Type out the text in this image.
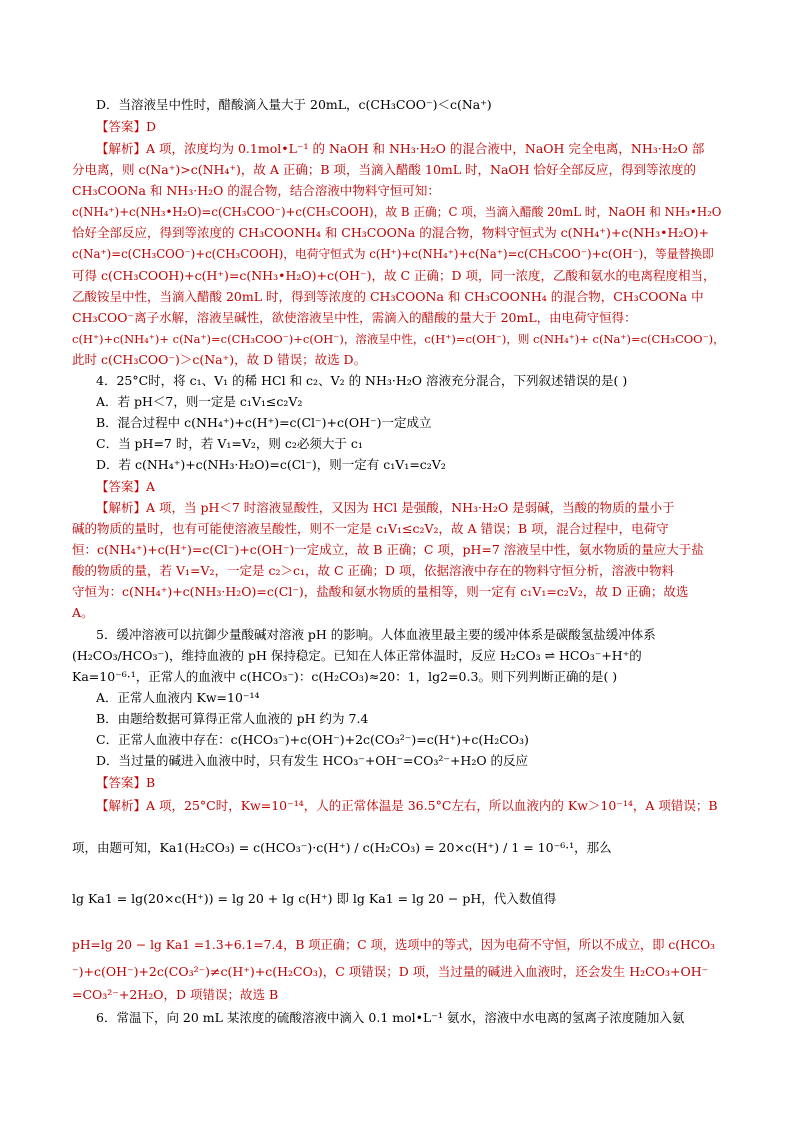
D．当溶液呈中性时，醋酸滴入量大于 20mL，c(CH₃COO⁻)＜c(Na⁺)
【答案】D
【解析】A 项，浓度均为 0.1mol•L⁻¹ 的 NaOH 和 NH₃·H₂O 的混合液中，NaOH 完全电离，NH₃·H₂O 部
分电离，则 c(Na⁺)>c(NH₄⁺)，故 A 正确；B 项，当滴入醋酸 10mL 时，NaOH 恰好全部反应，得到等浓度的
CH₃COONa 和 NH₃·H₂O 的混合物，结合溶液中物料守恒可知：
c(NH₄⁺)+c(NH₃•H₂O)=c(CH₃COO⁻)+c(CH₃COOH)，故 B 正确；C 项，当滴入醋酸 20mL 时，NaOH 和 NH₃•H₂O
恰好全部反应，得到等浓度的 CH₃COONH₄ 和 CH₃COONa 的混合物，物料守恒式为 c(NH₄⁺)+c(NH₃•H₂O)+
c(Na⁺)=c(CH₃COO⁻)+c(CH₃COOH)，电荷守恒式为 c(H⁺)+c(NH₄⁺)+c(Na⁺)=c(CH₃COO⁻)+c(OH⁻)，等量替换即
可得 c(CH₃COOH)+c(H⁺)=c(NH₃•H₂O)+c(OH⁻)，故 C 正确；D 项，同一浓度，乙酸和氨水的电离程度相当，
乙酸铵呈中性，当滴入醋酸 20mL 时，得到等浓度的 CH₃COONa 和 CH₃COONH₄ 的混合物，CH₃COONa 中
CH₃COO⁻离子水解，溶液呈碱性，欲使溶液呈中性，需滴入的醋酸的量大于 20mL，由电荷守恒得：
c(H⁺)+c(NH₄⁺)+ c(Na⁺)=c(CH₃COO⁻)+c(OH⁻)，溶液呈中性，c(H⁺)=c(OH⁻)，则 c(NH₄⁺)+ c(Na⁺)=c(CH₃COO⁻)，
此时 c(CH₃COO⁻)＞c(Na⁺)，故 D 错误；故选 D。
4．25°C时，将 c₁、V₁ 的稀 HCl 和 c₂、V₂ 的 NH₃·H₂O 溶液充分混合，下列叙述错误的是( )
A．若 pH＜7，则一定是 c₁V₁≤c₂V₂
B．混合过程中 c(NH₄⁺)+c(H⁺)=c(Cl⁻)+c(OH⁻)一定成立
C．当 pH=7 时，若 V₁=V₂，则 c₂必须大于 c₁
D．若 c(NH₄⁺)+c(NH₃·H₂O)=c(Cl⁻)，则一定有 c₁V₁=c₂V₂
【答案】A
【解析】A 项，当 pH＜7 时溶液显酸性，又因为 HCl 是强酸，NH₃·H₂O 是弱碱，当酸的物质的量小于
碱的物质的量时，也有可能使溶液呈酸性，则不一定是 c₁V₁≤c₂V₂，故 A 错误；B 项，混合过程中，电荷守
恒：c(NH₄⁺)+c(H⁺)=c(Cl⁻)+c(OH⁻)一定成立，故 B 正确；C 项，pH=7 溶液呈中性，氨水物质的量应大于盐
酸的物质的量，若 V₁=V₂，一定是 c₂＞c₁，故 C 正确；D 项，依据溶液中存在的物料守恒分析，溶液中物料
守恒为：c(NH₄⁺)+c(NH₃·H₂O)=c(Cl⁻)，盐酸和氨水物质的量相等，则一定有 c₁V₁=c₂V₂，故 D 正确；故选
A。
5．缓冲溶液可以抗御少量酸碱对溶液 pH 的影响。人体血液里最主要的缓冲体系是碳酸氢盐缓冲体系
(H₂CO₃/HCO₃⁻)，维持血液的 pH 保持稳定。已知在人体正常体温时，反应 H₂CO₃ ⇌ HCO₃⁻+H⁺的
Ka=10⁻⁶·¹，正常人的血液中 c(HCO₃⁻)：c(H₂CO₃)≈20：1，lg2=0.3。则下列判断正确的是( )
A．正常人血液内 Kw=10⁻¹⁴
B．由题给数据可算得正常人血液的 pH 约为 7.4
C．正常人血液中存在：c(HCO₃⁻)+c(OH⁻)+2c(CO₃²⁻)=c(H⁺)+c(H₂CO₃)
D．当过量的碱进入血液中时，只有发生 HCO₃⁻+OH⁻=CO₃²⁻+H₂O 的反应
【答案】B
【解析】A 项，25°C时，Kw=10⁻¹⁴，人的正常体温是 36.5°C左右，所以血液内的 Kw＞10⁻¹⁴，A 项错误；B
项，由题可知，Ka1(H₂CO₃) = c(HCO₃⁻)·c(H⁺) / c(H₂CO₃) = 20×c(H⁺) / 1 = 10⁻⁶·¹，那么
lg Ka1 = lg(20×c(H⁺)) = lg 20 + lg c(H⁺) 即 lg Ka1 = lg 20 − pH，代入数值得
pH=lg 20 − lg Ka1 =1.3+6.1=7.4，B 项正确；C 项，选项中的等式，因为电荷不守恒，所以不成立，即 c(HCO₃
⁻)+c(OH⁻)+2c(CO₃²⁻)≠c(H⁺)+c(H₂CO₃)，C 项错误；D 项，当过量的碱进入血液时，还会发生 H₂CO₃+OH⁻
=CO₃²⁻+2H₂O，D 项错误；故选 B
6．常温下，向 20 mL 某浓度的硫酸溶液中滴入 0.1 mol•L⁻¹ 氨水，溶液中水电离的氢离子浓度随加入氨
